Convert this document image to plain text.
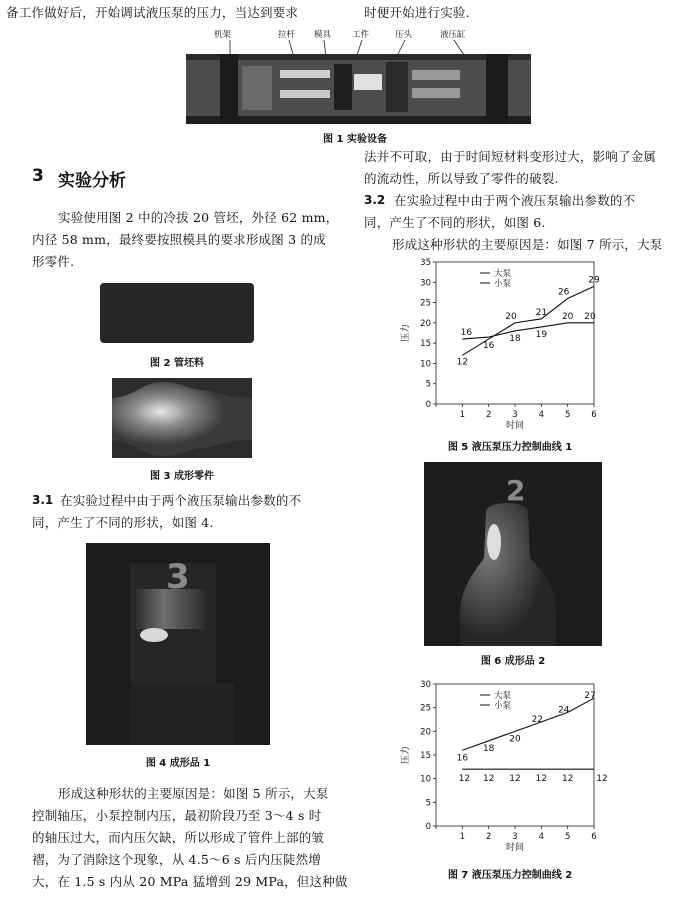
备工作做好后，开始调试液压泵的压力，当达到要求	时便开始进行实验.
机架	拉杆 模具 工件	压头	液压缸
图 1 实验设备
3 实验分析
实验使用图 2 中的冷拔 20 管坯，外径 62 mm，
内径 58 mm，最终要按照模具的要求形成图 3 的成
形零件.
图 2 管坯料
图 3 成形零件
3.1 在实验过程中由于两个液压泵输出参数的不
同，产生了不同的形状，如图 4.
3
图 4 成形品 1
形成这种形状的主要原因是：如图 5 所示，大泵
控制轴压，小泵控制内压，最初阶段乃至 3～4 s 时
的轴压过大，而内压欠缺，所以形成了管件上部的皱
褶，为了消除这个现象，从 4.5～6 s 后内压陡然增
大，在 1.5 s 内从 20 MPa 猛增到 29 MPa，但这种做
法并不可取，由于时间短材料变形过大，影响了金属
的流动性，所以导致了零件的破裂.
3.2 在实验过程中由于两个液压泵输出参数的不
同，产生了不同的形状，如图 6.
形成这种形状的主要原因是：如图 7 所示，大泵
0
5
10
15
20
25
30
35
1 2 3 4 5 6
时间
压力
大泵
小泵
12
16
20 21
26
29
16
18 19
20 20
图 5 液压泵压力控制曲线 1
2
图 6 成形品 2
0
5
10
15
20
25
30
1 2 3 4 5 6
时间
压力
大泵
小泵
16
18
20
22
24
27
12 12 12 12 12	12
图 7 液压泵压力控制曲线 2
